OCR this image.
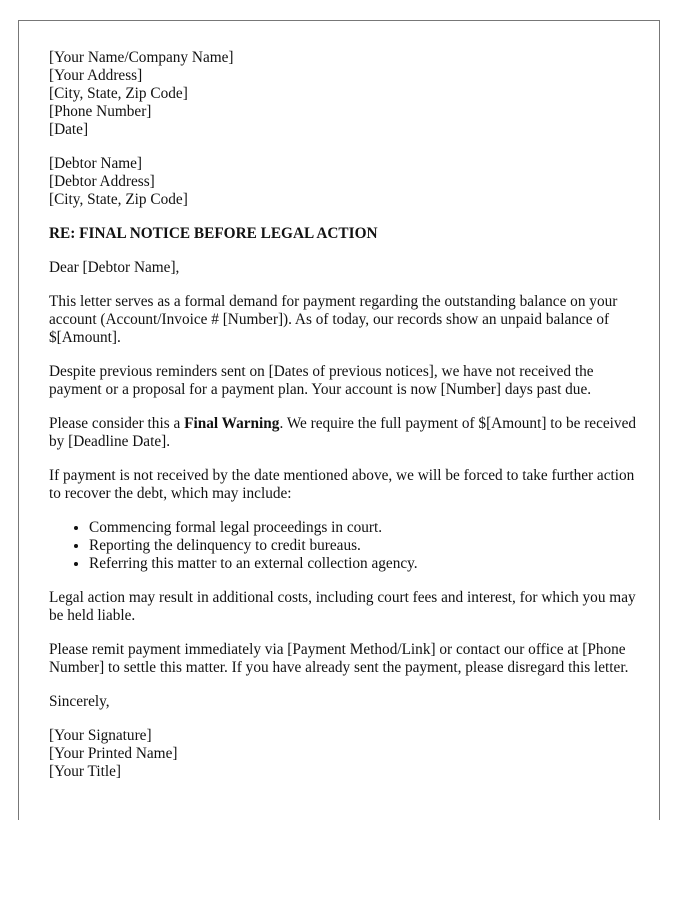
[Your Name/Company Name]
[Your Address]
[City, State, Zip Code]
[Phone Number]
[Date]
[Debtor Name]
[Debtor Address]
[City, State, Zip Code]
RE: FINAL NOTICE BEFORE LEGAL ACTION

Dear [Debtor Name],

This letter serves as a formal demand for payment regarding the outstanding balance on your account (Account/Invoice # [Number]). As of today, our records show an unpaid balance of $[Amount].

Despite previous reminders sent on [Dates of previous notices], we have not received the payment or a proposal for a payment plan. Your account is now [Number] days past due.

Please consider this a Final Warning. We require the full payment of $[Amount] to be received by [Deadline Date].

If payment is not received by the date mentioned above, we will be forced to take further action to recover the debt, which may include:

• Commencing formal legal proceedings in court.
• Reporting the delinquency to credit bureaus.
• Referring this matter to an external collection agency.

Legal action may result in additional costs, including court fees and interest, for which you may be held liable.

Please remit payment immediately via [Payment Method/Link] or contact our office at [Phone Number] to settle this matter. If you have already sent the payment, please disregard this letter.

Sincerely,

[Your Signature]
[Your Printed Name]
[Your Title]
